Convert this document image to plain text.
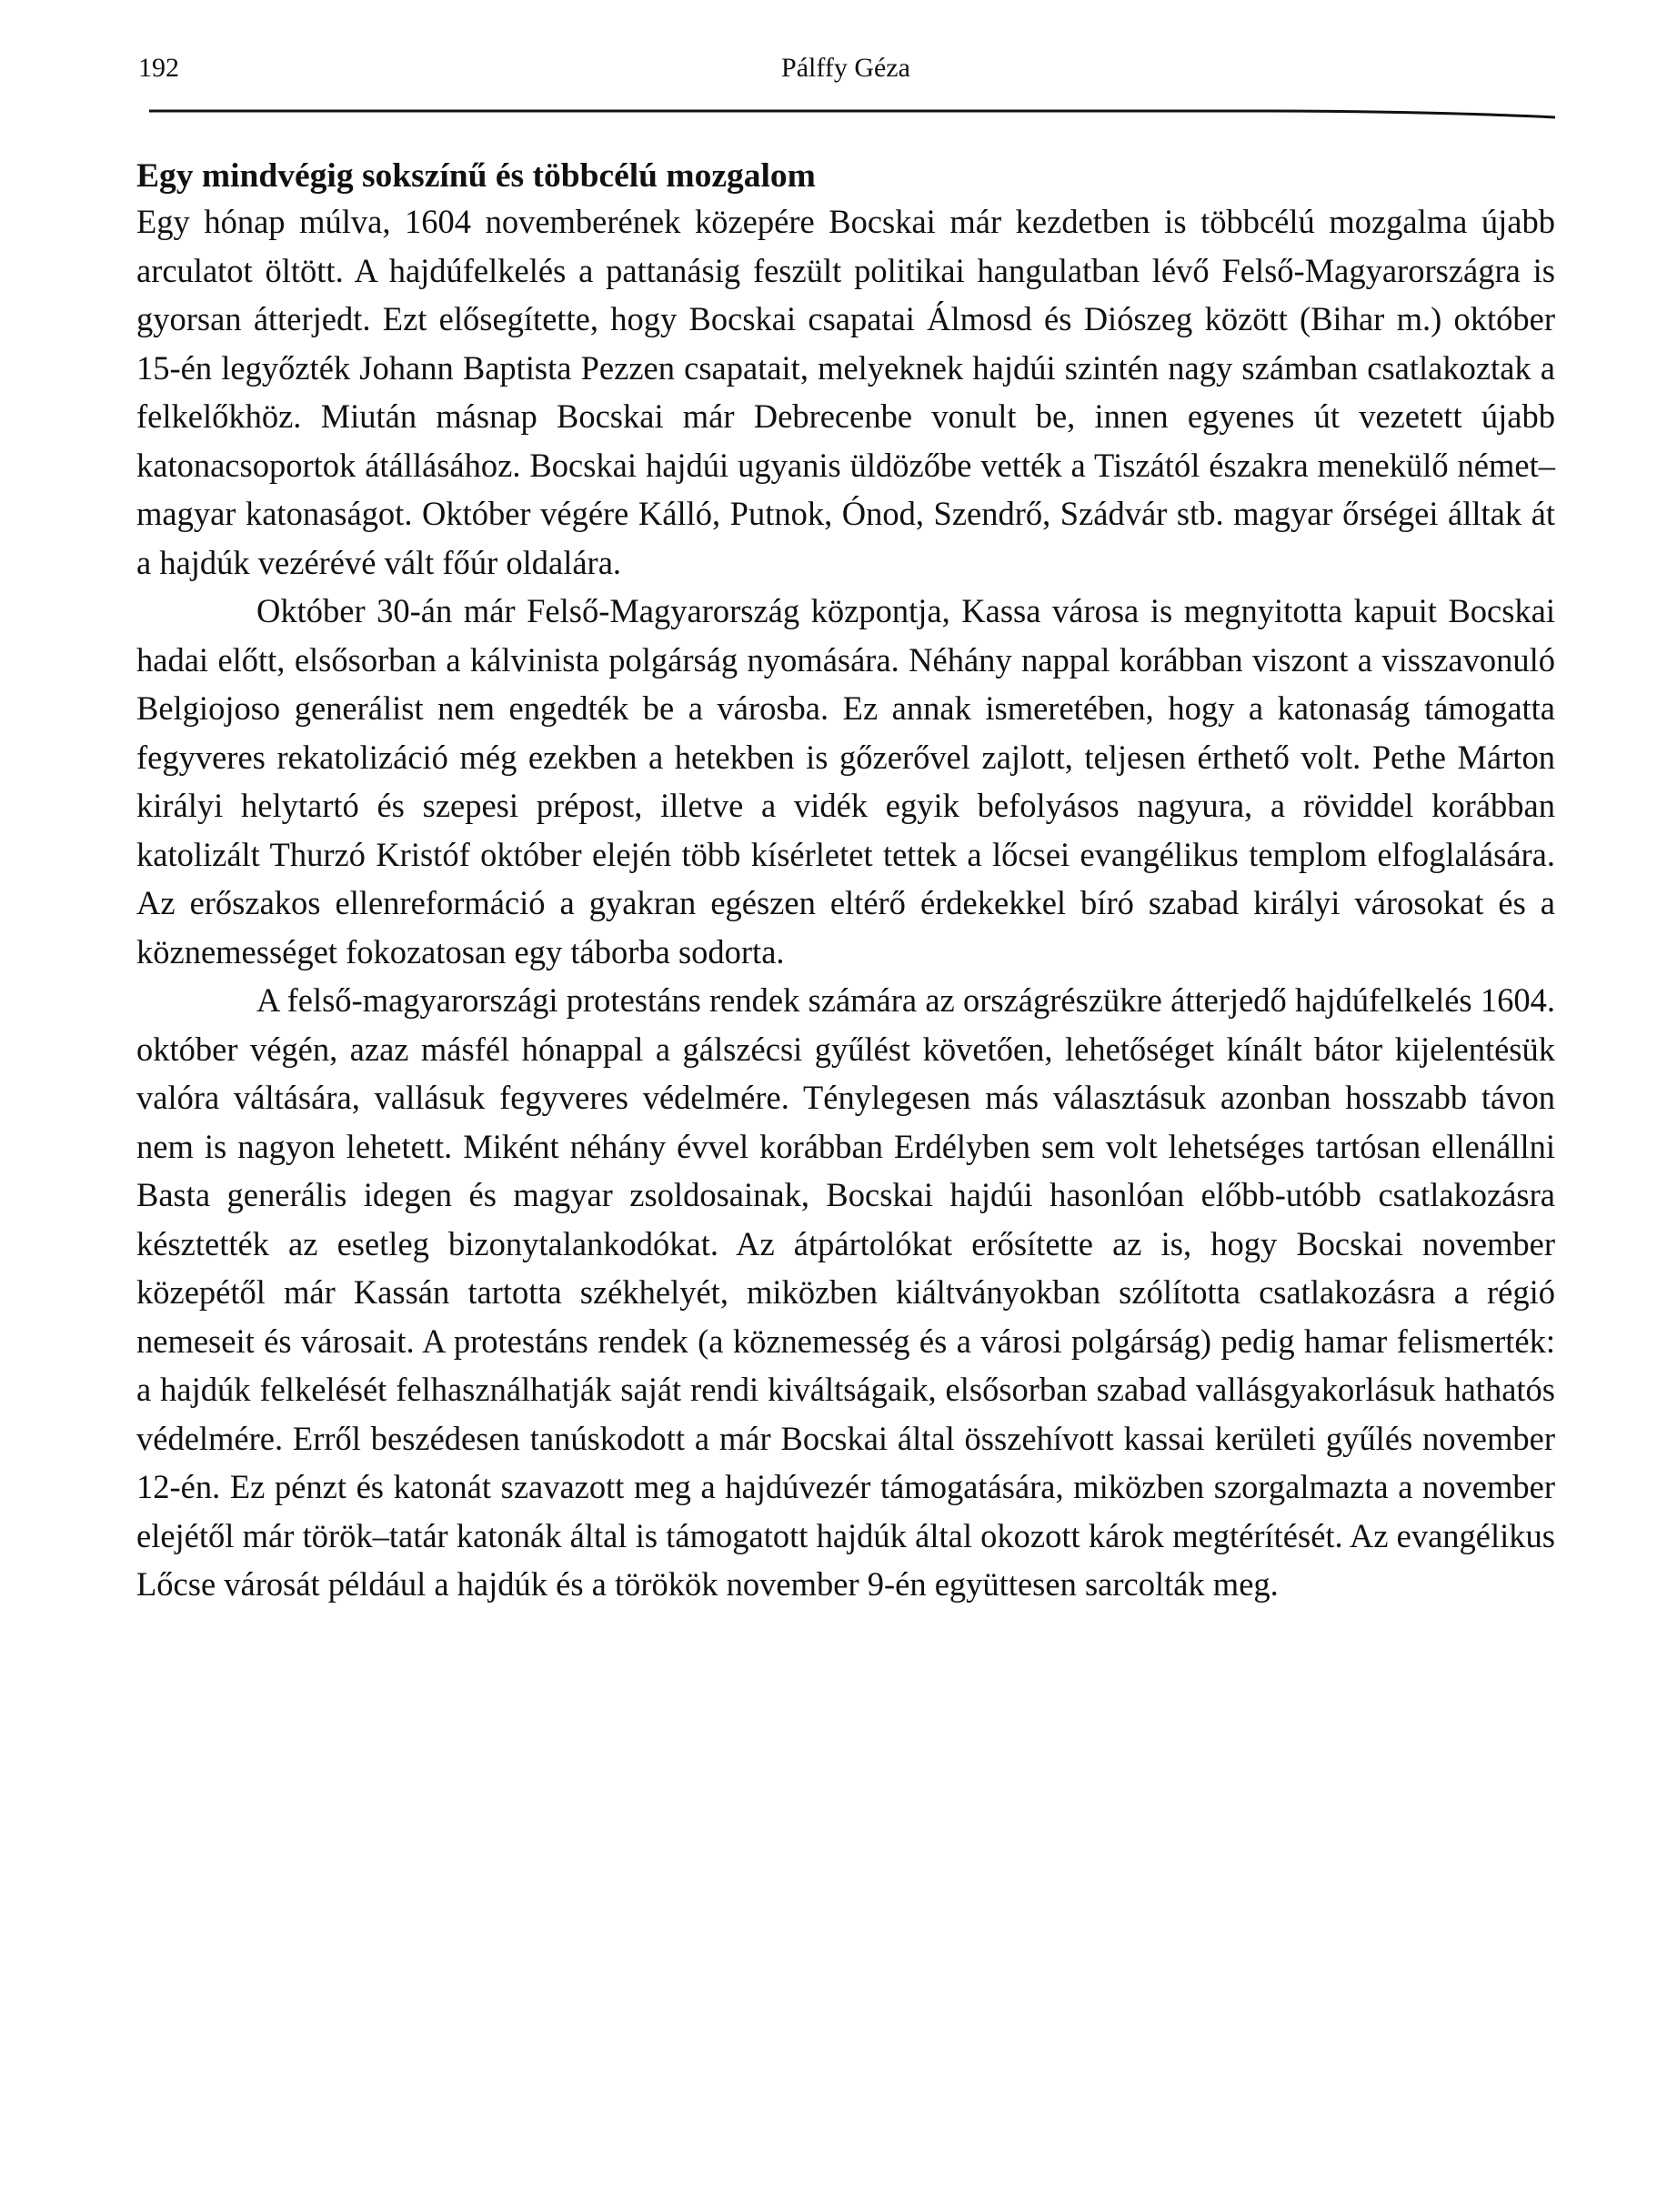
192	Pálffy Géza
Egy mindvégig sokszínű és többcélú mozgalom

Egy hónap múlva, 1604 novemberének közepére Bocskai már kezdetben is többcélú mozgalma újabb arculatot öltött. A hajdúfelkelés a pattanásig feszült politikai hangulatban lévő Felső-Magyarországra is gyorsan átterjedt. Ezt elősegítette, hogy Bocskai csapatai Álmosd és Diószeg között (Bihar m.) október 15-én legyőzték Johann Baptista Pezzen csapatait, melyeknek hajdúi szintén nagy számban csatlakoztak a felkelőkhöz. Miután másnap Bocskai már Debrecenbe vonult be, innen egyenes út vezetett újabb katonacsoportok átállásához. Bocskai hajdúi ugyanis üldözőbe vették a Tiszától északra menekülő német–magyar katonaságot. Október végére Kálló, Putnok, Ónod, Szendrő, Szádvár stb. magyar őrségei álltak át a hajdúk vezérévé vált főúr oldalára.

Október 30-án már Felső-Magyarország központja, Kassa városa is megnyitotta kapuit Bocskai hadai előtt, elsősorban a kálvinista polgárság nyomására. Néhány nappal korábban viszont a visszavonuló Belgiojoso generálist nem engedték be a városba. Ez annak ismeretében, hogy a katonaság támogatta fegyveres rekatolizáció még ezekben a hetekben is gőzerővel zajlott, teljesen érthető volt. Pethe Márton királyi helytartó és szepesi prépost, illetve a vidék egyik befolyásos nagyura, a röviddel korábban katolizált Thurzó Kristóf október elején több kísérletet tettek a lőcsei evangélikus templom elfoglalására. Az erőszakos ellenreformáció a gyakran egészen eltérő érdekekkel bíró szabad királyi városokat és a köznemességet fokozatosan egy táborba sodorta.

A felső-magyarországi protestáns rendek számára az országrészükre átterjedő hajdúfelkelés 1604. október végén, azaz másfél hónappal a gálszécsi gyűlést követően, lehetőséget kínált bátor kijelentésük valóra váltására, vallásuk fegyveres védelmére. Ténylegesen más választásuk azonban hosszabb távon nem is nagyon lehetett. Miként néhány évvel korábban Erdélyben sem volt lehetséges tartósan ellenállni Basta generális idegen és magyar zsoldosainak, Bocskai hajdúi hasonlóan előbb-utóbb csatlakozásra késztették az esetleg bizonytalankodókat. Az átpártolókat erősítette az is, hogy Bocskai november közepétől már Kassán tartotta székhelyét, miközben kiáltványokban szólította csatlakozásra a régió nemeseit és városait. A protestáns rendek (a köznemesség és a városi polgárság) pedig hamar felismerték: a hajdúk felkelését felhasználhatják saját rendi kiváltságaik, elsősorban szabad vallásgyakorlásuk hathatós védelmére. Erről beszédesen tanúskodott a már Bocskai által összehívott kassai kerületi gyűlés november 12-én. Ez pénzt és katonát szavazott meg a hajdúvezér támogatására, miközben szorgalmazta a november elejétől már török–tatár katonák által is támogatott hajdúk által okozott károk megtérítését. Az evangélikus Lőcse városát például a hajdúk és a törökök november 9-én együttesen sarcolták meg.
